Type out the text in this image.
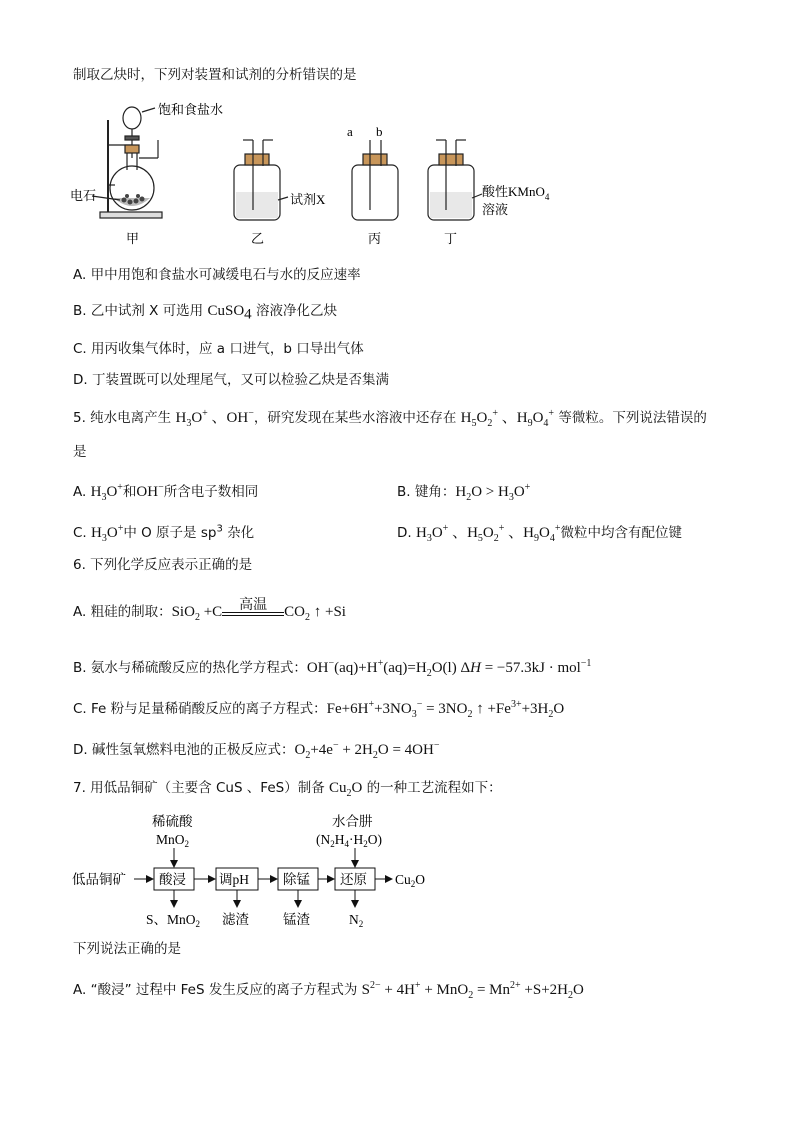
制取乙炔时，下列对装置和试剂的分析错误的是
饱和食盐水
电石	试剂X
a b
酸性KMnO$_4$
溶液
甲	乙	丙	丁
A. 甲中用饱和食盐水可减缓电石与水的反应速率
B. 乙中试剂 X 可选用 CuSO$_4$ 溶液净化乙炔
C. 用丙收集气体时，应 a 口进气，b 口导出气体
D. 丁装置既可以处理尾气，又可以检验乙炔是否集满
5. 纯水电离产生 $H_3O^+$ 、OH−，研究发现在某些水溶液中还存在 $H_5O_2^+$ 、$H_9O_4^+$ 等微粒。下列说法错误的
是
A. $H_3O^+$和OH−所含电子数相同	B. 键角：$H_2O > H_3O^+$
C. $H_3O^+$中 O 原子是 $sp^3$ 杂化	D. $H_3O^+$ 、$H_5O_2^+$ 、$H_9O_4^+$微粒中均含有配位键
6. 下列化学反应表示正确的是
A. 粗硅的制取：SiO$_2$ +C	高温	$CO_2$ ↑ +Si
B. 氨水与稀硫酸反应的热化学方程式：$OH^-(aq)+H^+(aq)=H_2O(l) \Delta H = -57.3kJ \cdot mol^{-1}$
C. Fe 粉与足量稀硝酸反应的离子方程式：$Fe+6H^++3NO_3^- = 3NO_2$ ↑ $+Fe^{3+}+3H_2O$
D. 碱性氢氧燃料电池的正极反应式：$O_2+4e^- + 2H_2O = 4OH^-$
7. 用低品铜矿（主要含 CuS 、FeS）制备 $Cu_2O$ 的一种工艺流程如下：
稀硫酸
MnO$_2$
水合肼
$(N_2H_4\cdot H_2O)$
低品铜矿 酸浸 调pH	除锰 还原 $Cu_2O$
S、MnO$_2$ 滤渣	锰渣	$N_2$
下列说法正确的是
A. “酸浸” 过程中 FeS 发生反应的离子方程式为 $S^{2-} + 4H^+ + MnO_2 = Mn^{2+} +S+2H_2O$
